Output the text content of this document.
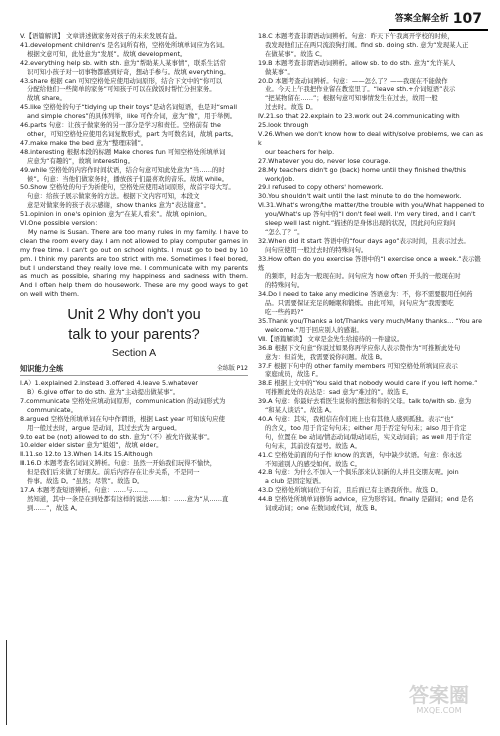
答案全解全析 107

V.【语篇解读】 文章讲述做家务对孩子的未来发展有益。

41.development children's 是名词所有格，空格处所填单词应为名词。

根据文意可知，此处意为“发展”。故填 development。

42.everything help sb. with sth. 意为“帮助某人某事情”，联系生活常

识可知小孩子对一切事物都感到好奇，想动手参与。故填 everything。

43.share 根据 can 可知空格处应使用动词原形，结合下文中的“你可以

分配给他们一些简单的家务”可知孩子可以在做饭时帮忙分担家务。

故填 share。

45.like 空格处的句子“tidying up their toys”是动名词短语，也是对“small

and simple chores”的具体列举，like 可作介词，意为“像”，用于举例。

46.parts 句意：让孩子做家务的另一部分是学习和责任。空格前有 the

other，可知空格处应使用名词复数形式，part 为可数名词，故填 parts。

47.make make the bed 意为“整理床铺”。

48.interesting 根据本段的标题 Make chores fun 可知空格处所填单词

应意为“有趣的”，故填 interesting。

49.while 空格处的内容作时间状语，结合句意可知此处意为“当……的时

候”。句意：当他们做家务时，播放孩子们最喜欢的音乐。故填 while。

50.Show 空格处的句子为祈使句，空格处应使用动词原形，故首字母大写。

句意：给孩子展示做家务的方法。根据下文内容可知，本段文

意是对做家务的孩子表示感谢，show thanks 意为“表达谢意”。

51.opinion in one's opinion 意为“在某人看来”。故填 opinion。

VI.One possible version：

My name is Susan. There are too many rules in my family. I have to clean the room every day. I am not allowed to play computer games in my free time. I can't go out on school nights. I must go to bed by 10 pm. I think my parents are too strict with me. Sometimes I feel bored, but I understand they really love me. I communicate with my parents as much as possible, sharing my happiness and sadness with them. And I often help them do housework. These are my good ways to get on well with them.

Unit 2 Why don't you
talk to your parents?
Section A
知识能力全练	全练版 P12

Ⅰ.A）1.explained 2.instead 3.offered 4.leave 5.whatever

B）6.give offer to do sth. 意为“主动提出做某事”。

7.communicate 空格处应填动词原形，communication 的动词形式为

communicate。

8.argued 空格处所填单词在句中作谓语，根据 Last year 可知该句应使

用一般过去时，argue 是动词，其过去式为 argued。

9.to eat be (not) allowed to do sth. 意为“（不）被允许做某事”。

10.elder elder sister 意为“姐姐”，故填 elder。

Ⅱ.11.so 12.to 13.When 14.Its 15.Although

Ⅲ.16.D 本题考查名词词义辨析。句意：虽然一开始我们玩得不愉快，

但是我们后来做了好朋友。前后内容存在让步关系，不是同一

件事。故选 D。“虽然；尽管”。故选 D。

17.A 本题考查短语辨析。句意：……与……。

然知道，其中一条是在到处都有这样的说法……如：……意为“从……直

到……”，故选 A。

18.C 本题考查非谓语动词辨析。句意：昨天下午我离开学校的时候，

我发现他们正在两只流浪狗打闹。find sb. doing sth. 意为“发现某人正

在做某事”。故选 C。

19.B 本题考查非谓语动词辨析。allow sb. to do sth. 意为“允许某人

做某事”。

20.D 本题考查动词辨析。句意：——怎么了？——我现在不能做作

业。今天上午我把作业留在教室里了。“leave sth.+介词短语”表示

“把某物留在……”；根据句意可知事情发生在过去，故用一般

过去时。故选 D。

Ⅳ.21.so that 22.explain to 23.work out 24.communicating with

25.look through

Ⅴ.26.When we don't know how to deal with/solve problems, we can ask

our teachers for help.

27.Whatever you do, never lose courage.

28.My teachers didn't go (back) home until they finished the/this

work/job.

29.I refused to copy others' homework.

30.You shouldn't wait until the last minute to do the homework.

Ⅵ.31.What's wrong/the matter/the trouble with you/What happened to

you/What's up 答句中的“I don't feel well. I'm very tired, and I can't

sleep well last night.”描述的是身体出现的状况，因此问句应询问

“怎么了？”。

32.When did it start 答语中的“four days ago”表示时间，且表示过去。

问句应使用一般过去时的特殊问句。

33.How often do you exercise 答语中的“I exercise once a week.”表示锻炼

的频率，时态为一般现在时。问句应为 how often 开头的一般现在时

的特殊问句。

34.Do I need to take any medicine 答语意为：不，你不需要服用任何药

品。只需要保证充足的睡眠和锻炼。由此可知，问句应为“我需要吃

吃一些药吗?”

35.Thank you/Thanks a lot/Thanks very much/Many thanks… “You are

welcome.”用于回应别人的感谢。

Ⅶ.【语篇解读】 文章是金先生给接待的一件建议。

36.B 根据下文句意“你说过如果你再学应你人表示赞作为”可推断此处句

意为：但首先，我需要说你问题。故选 B。

37.F 根据下句中的 other family members 可知空格处所填词应表示

家庭成员，故选 F。

38.E 根据上文中的“You said that nobody would care if you left home.”

可推断此处的表达是：sad 意为“难过的”。故选 E。

39.A 句意：你最好去看医生说你的想法和你的父母。talk to/with sb. 意为

“和某人谈话”。故选 A。

40.A 句意：其实，我相信在你们班上也有其他人感到孤独。表示“也”

的含义，too 用于肯定句句末；either 用于否定句句末；also 用于肯定

句，位置在 be 动词/情态动词/助动词后，实义动词前；as well 用于肯定

句句末，其前没有逗号。故选 A。

41.C 空格处前面的句子作 know 的宾语，句中缺少状语。句意：你永远

不知道别人的感受如何。故选 C。

42.B 句意：为什么不加入一个俱乐部来认识新的人并且交朋友呢。join

a club 是固定短语。

43.D 空格处所填词位于句首，且后面已有主语我所作。故选 D。

44.B 空格处所填单词修饰 advice，应为形容词。finally 是副词；end 是名

词或动词；one 在数词或代词，故选 B。

答案圈
MXQE.COM
